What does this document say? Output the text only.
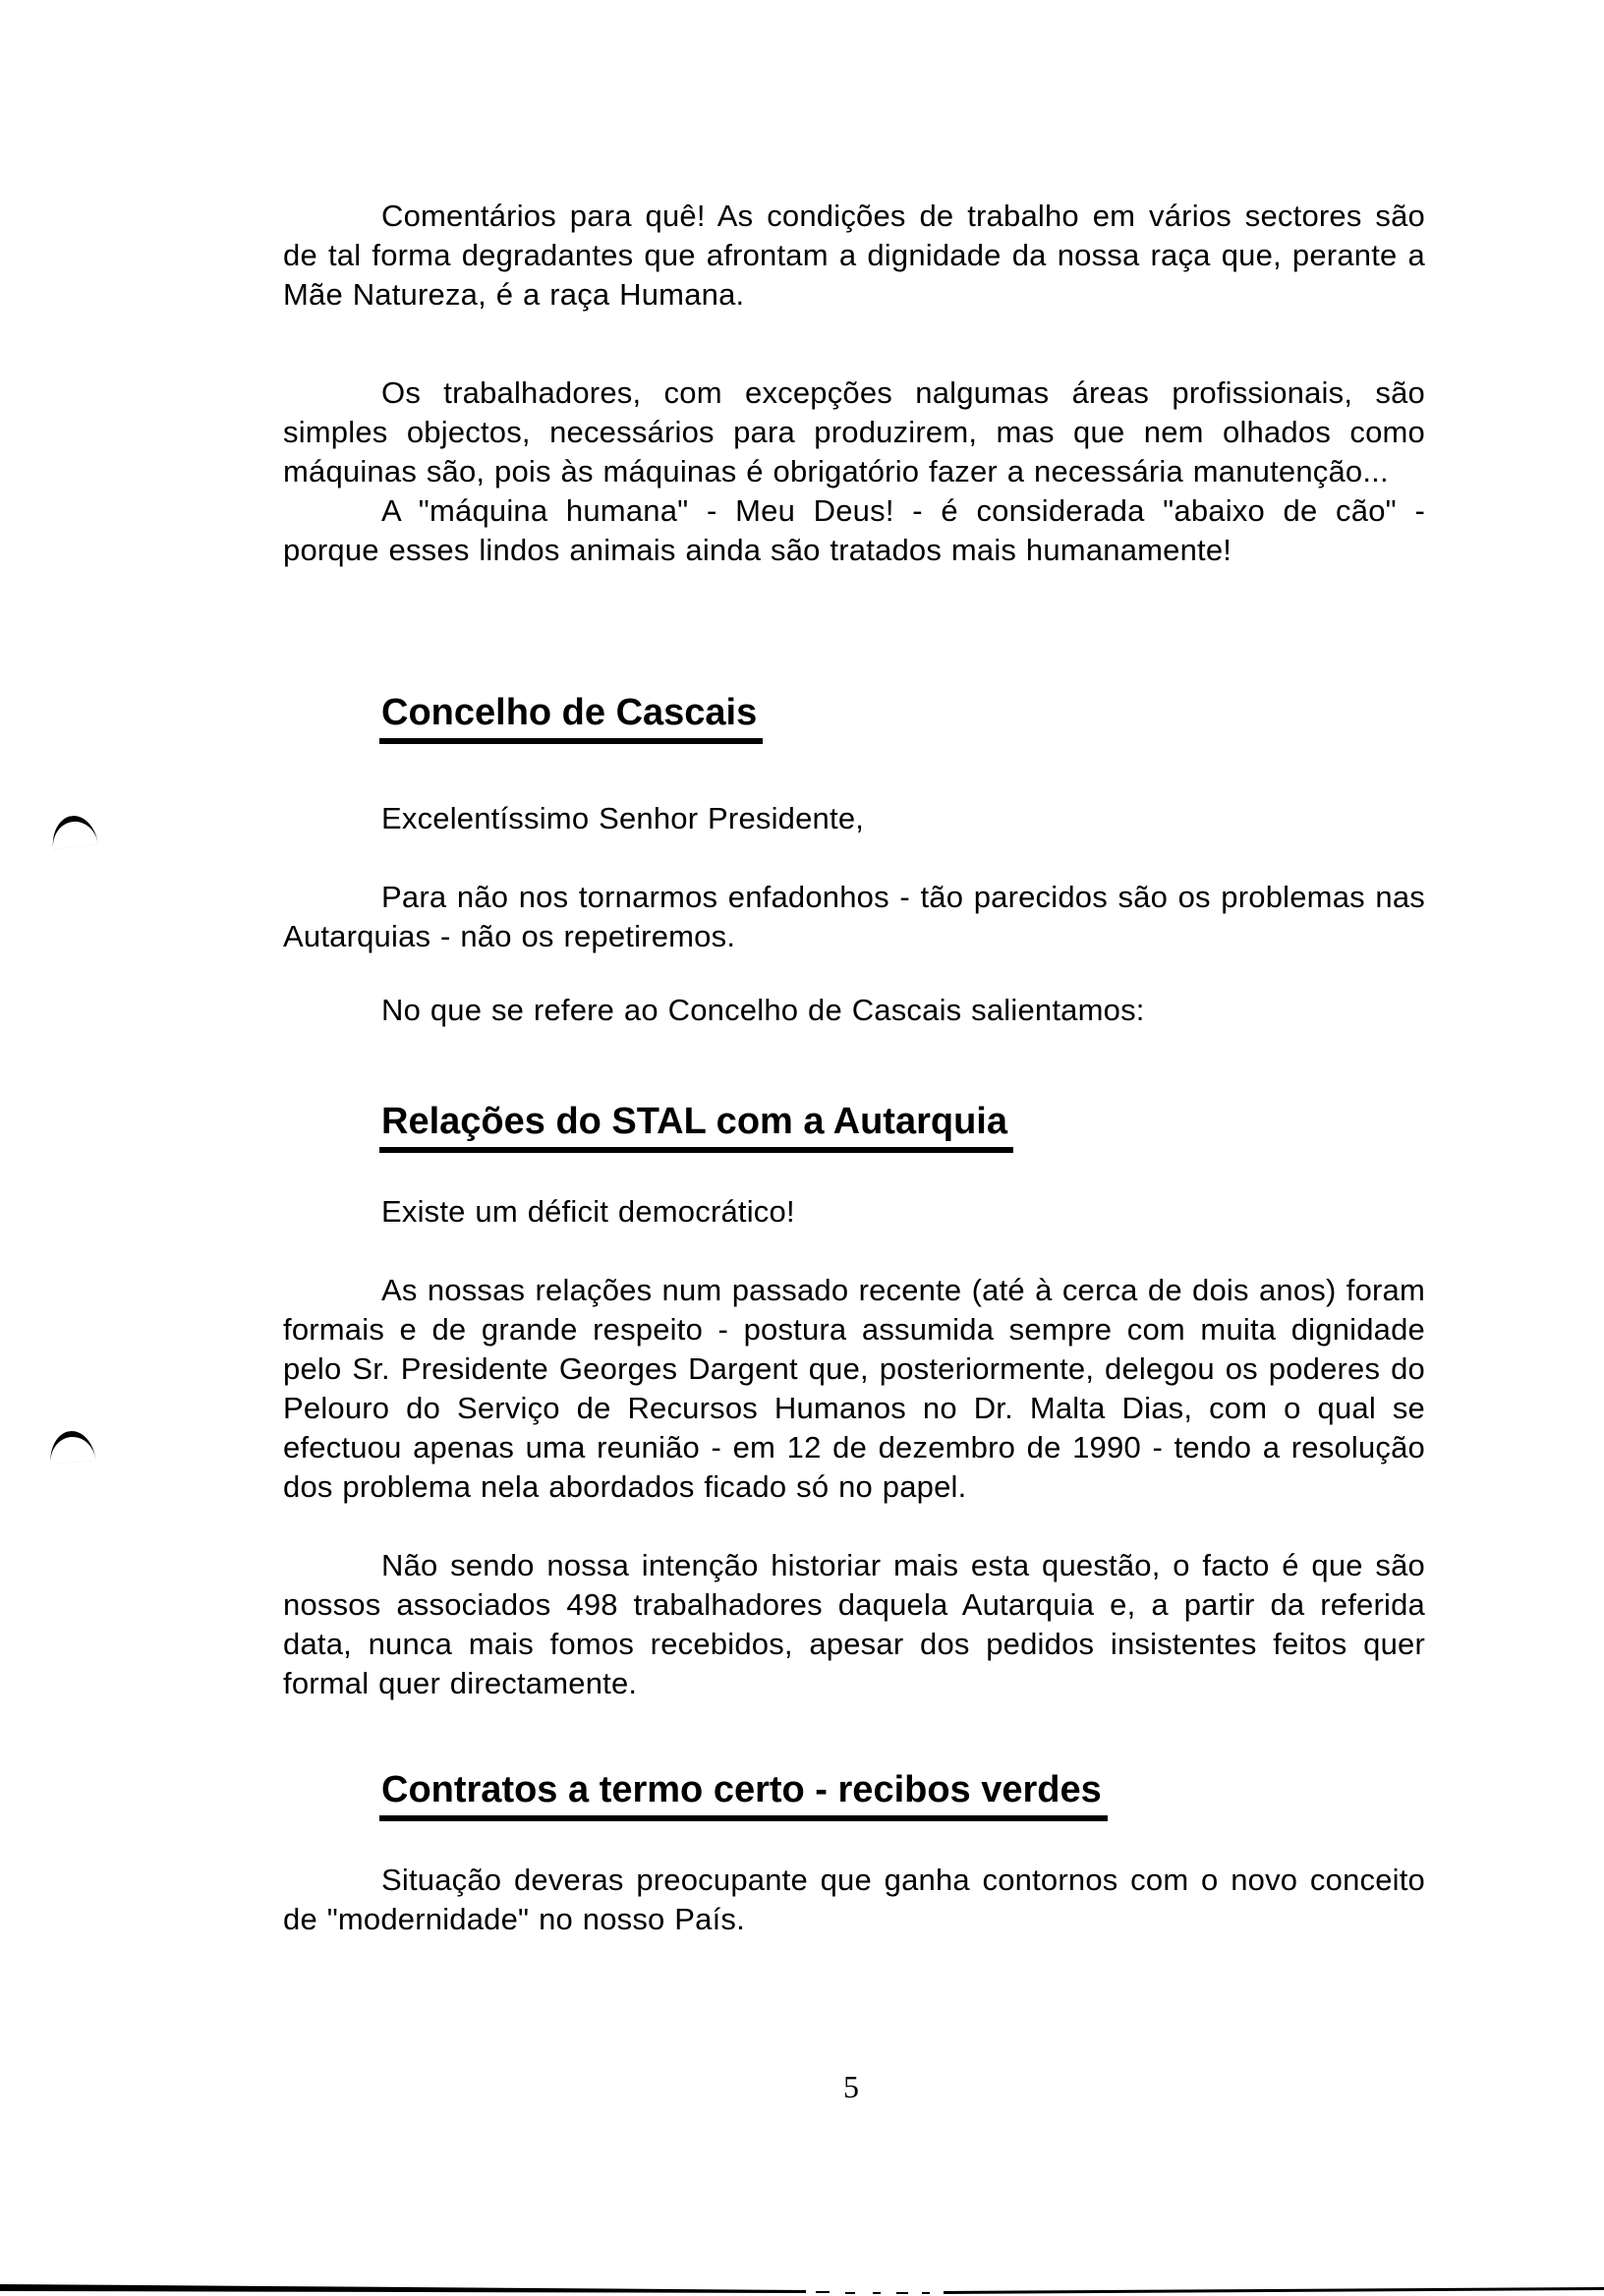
Comentários para quê! As condições de trabalho em vários sectores são de tal forma degradantes que afrontam a dignidade da nossa raça que, perante a Mãe Natureza, é a raça Humana.

Os trabalhadores, com excepções nalgumas áreas profissionais, são simples objectos, necessários para produzirem, mas que nem olhados como máquinas são, pois às máquinas é obrigatório fazer a necessária manutenção...

A "máquina humana" - Meu Deus! - é considerada "abaixo de cão" - porque esses lindos animais ainda são tratados mais humanamente!

Concelho de Cascais

Excelentíssimo Senhor Presidente,

Para não nos tornarmos enfadonhos - tão parecidos são os problemas nas Autarquias - não os repetiremos.

No que se refere ao Concelho de Cascais salientamos:

Relações do STAL com a Autarquia

Existe um déficit democrático!

As nossas relações num passado recente (até à cerca de dois anos) foram formais e de grande respeito - postura assumida sempre com muita dignidade pelo Sr. Presidente Georges Dargent que, posteriormente, delegou os poderes do Pelouro do Serviço de Recursos Humanos no Dr. Malta Dias, com o qual se efectuou apenas uma reunião - em 12 de dezembro de 1990 - tendo a resolução dos problema nela abordados ficado só no papel.

Não sendo nossa intenção historiar mais esta questão, o facto é que são nossos associados 498 trabalhadores daquela Autarquia e, a partir da referida data, nunca mais fomos recebidos, apesar dos pedidos insistentes feitos quer formal quer directamente.

Contratos a termo certo - recibos verdes

Situação deveras preocupante que ganha contornos com o novo conceito de "modernidade" no nosso País.

5
